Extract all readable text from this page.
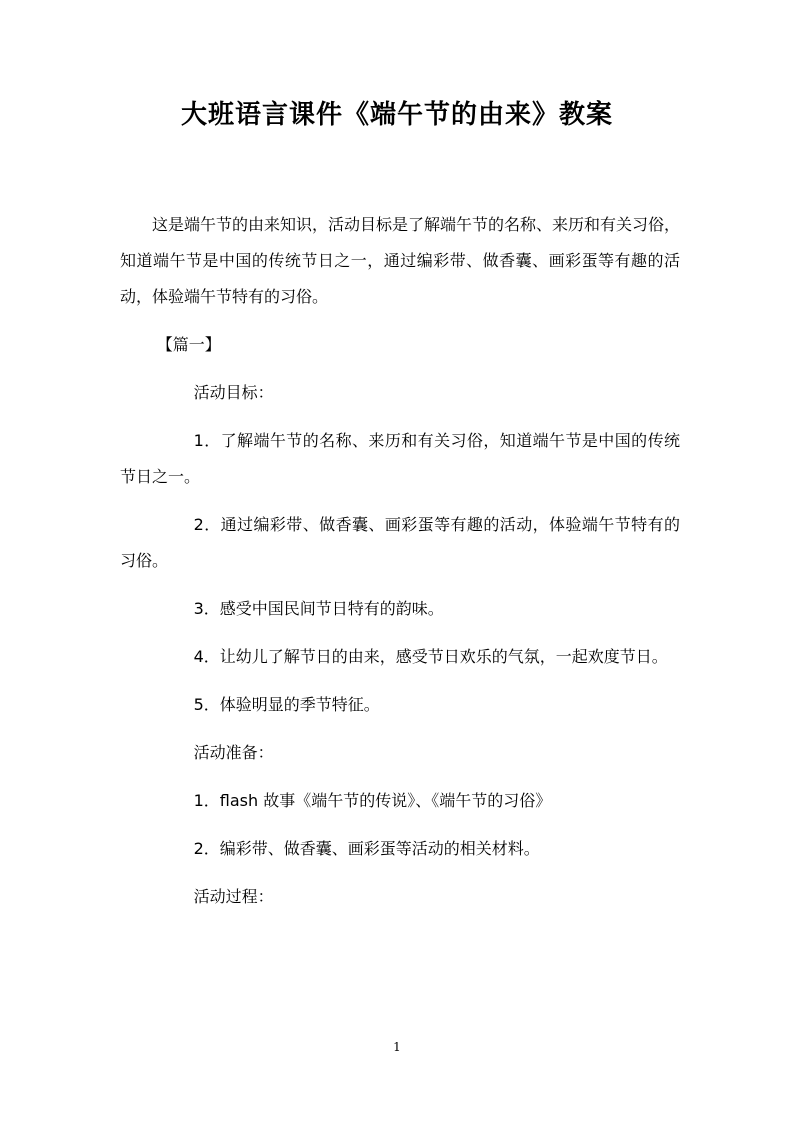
大班语言课件《端午节的由来》教案

这是端午节的由来知识，活动目标是了解端午节的名称、来历和有关习俗，知道端午节是中国的传统节日之一，通过编彩带、做香囊、画彩蛋等有趣的活动，体验端午节特有的习俗。

【篇一】

活动目标：

1．了解端午节的名称、来历和有关习俗，知道端午节是中国的传统节日之一。

2．通过编彩带、做香囊、画彩蛋等有趣的活动，体验端午节特有的习俗。

3．感受中国民间节日特有的韵味。

4．让幼儿了解节日的由来，感受节日欢乐的气氛，一起欢度节日。

5．体验明显的季节特征。

活动准备：

1．flash 故事《端午节的传说》、《端午节的习俗》

2．编彩带、做香囊、画彩蛋等活动的相关材料。

活动过程：

1
